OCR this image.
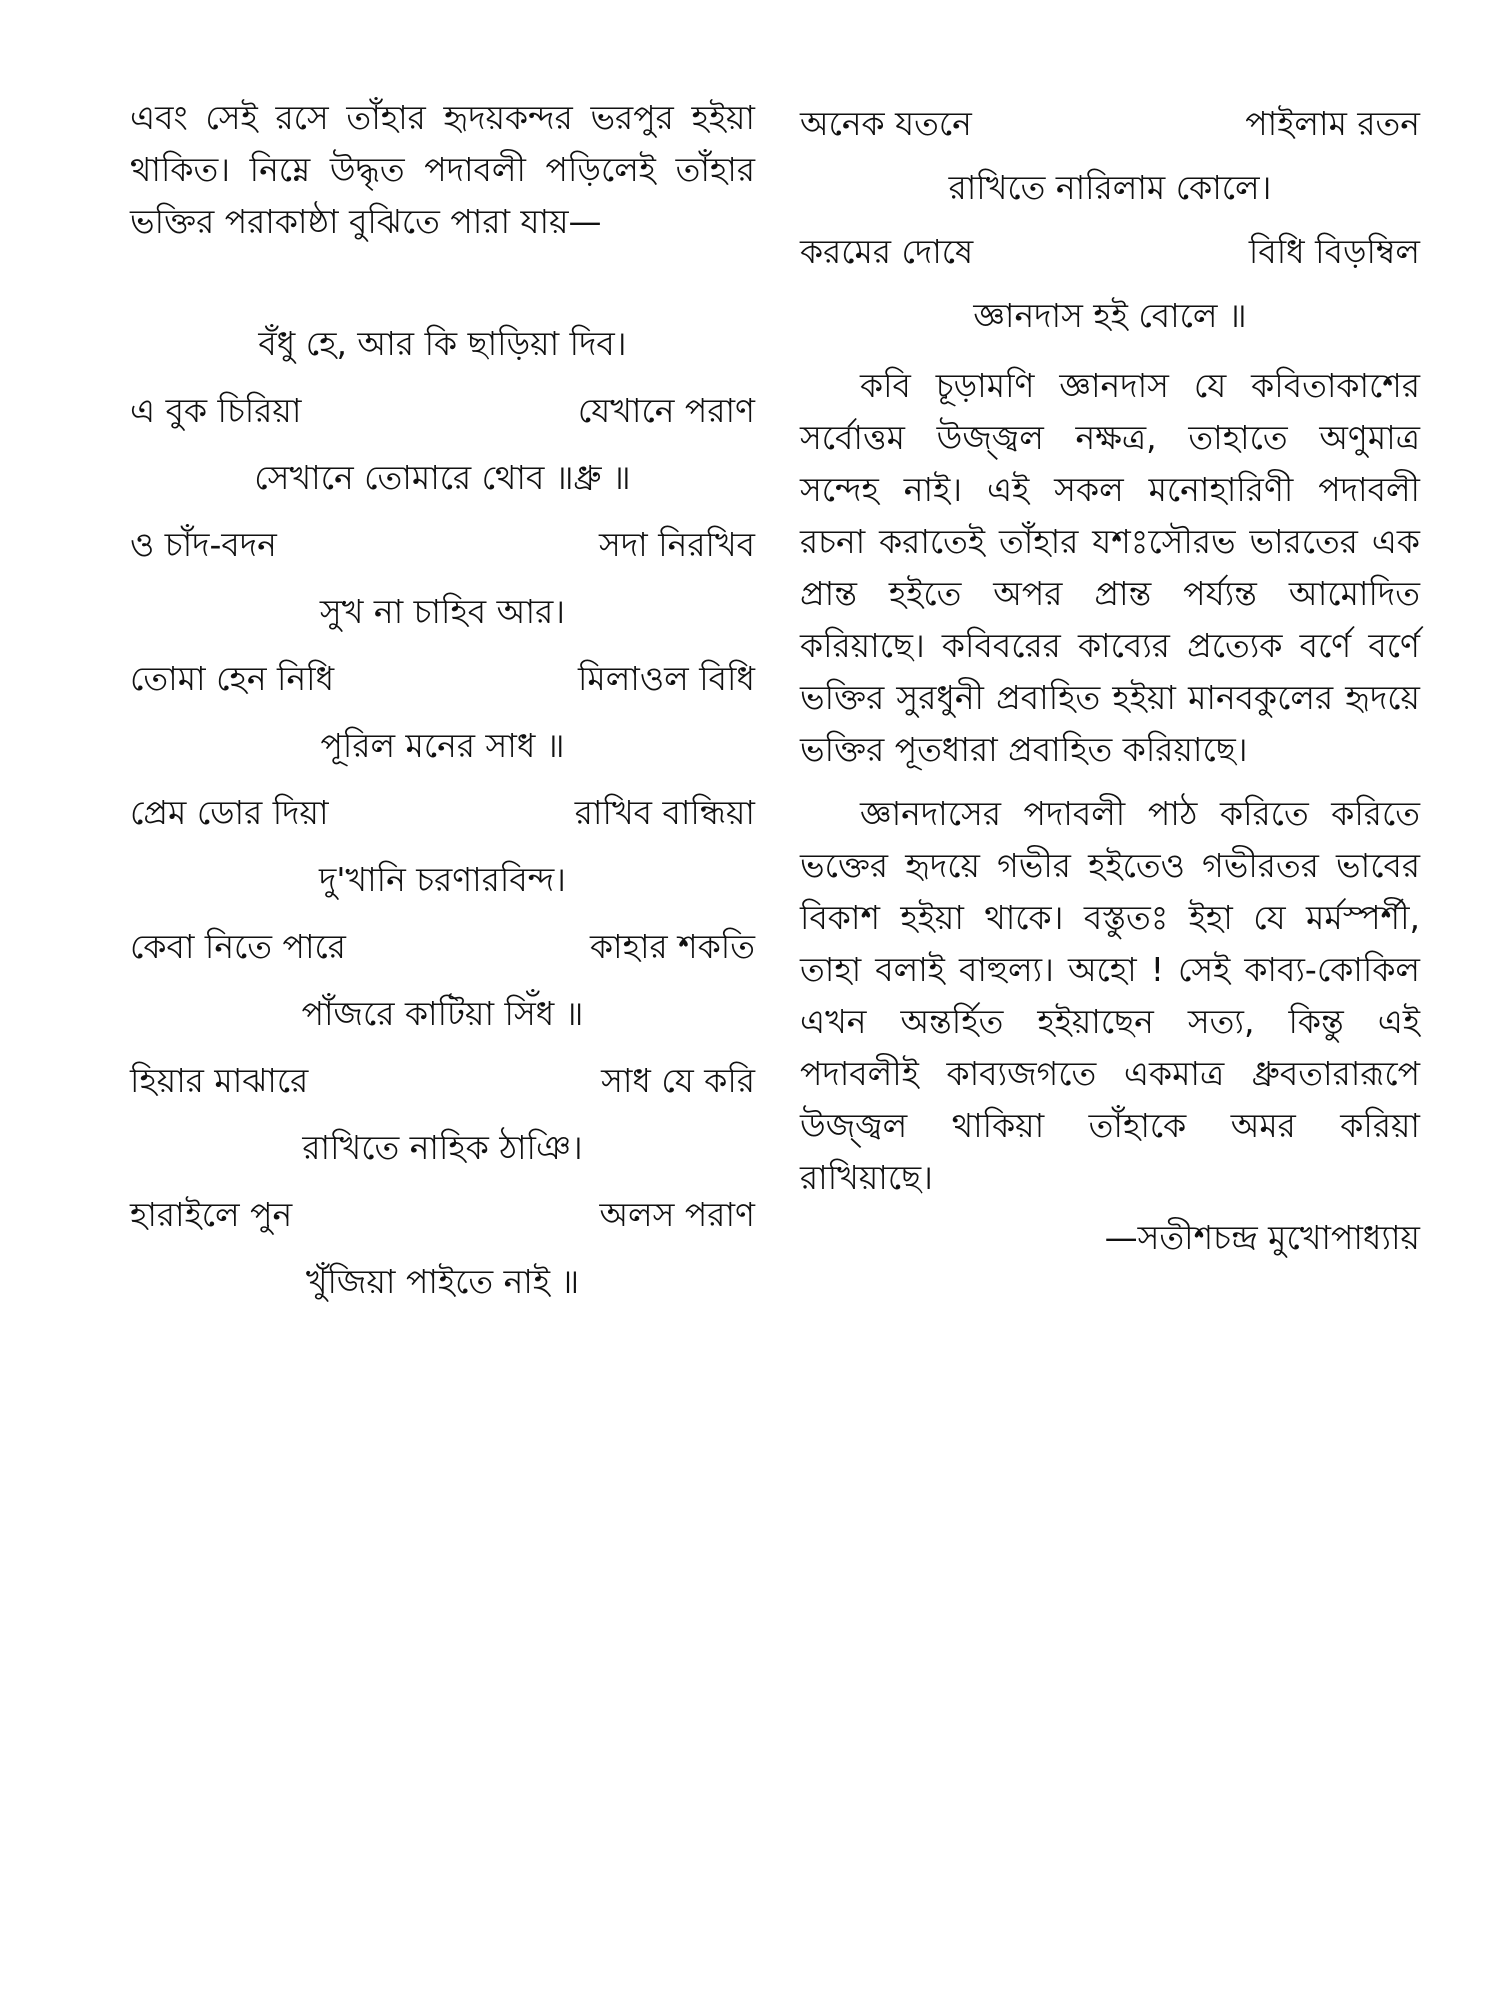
এবং সেই রসে তাঁহার হৃদয়কন্দর ভরপুর হইয়া থাকিত। নিম্নে উদ্ধৃত পদাবলী পড়িলেই তাঁহার ভক্তির পরাকাষ্ঠা বুঝিতে পারা যায়—

বঁধু হে, আর কি ছাড়িয়া দিব।
এ বুক চিরিয়া	যেখানে পরাণ
সেখানে তোমারে থোব ॥ধ্রু ॥
ও চাঁদ-বদন	সদা নিরখিব
সুখ না চাহিব আর।
তোমা হেন নিধি	মিলাওল বিধি
পূরিল মনের সাধ ॥
প্রেম ডোর দিয়া	রাখিব বান্ধিয়া
দু'খানি চরণারবিন্দ।
কেবা নিতে পারে	কাহার শকতি
পাঁজরে কাটিয়া সিঁধ ॥
হিয়ার মাঝারে	সাধ যে করি
রাখিতে নাহিক ঠাঞি।
হারাইলে পুন	অলস পরাণ
খুঁজিয়া পাইতে নাই ॥
অনেক যতনে	পাইলাম রতন
রাখিতে নারিলাম কোলে।
করমের দোষে	বিধি বিড়ম্বিল
জ্ঞানদাস হই বোলে ॥

কবি চূড়ামণি জ্ঞানদাস যে কবিতাকাশের সর্বোত্তম উজ্জ্বল নক্ষত্র, তাহাতে অণুমাত্র সন্দেহ নাই। এই সকল মনোহারিণী পদাবলী রচনা করাতেই তাঁহার যশঃসৌরভ ভারতের এক প্রান্ত হইতে অপর প্রান্ত পর্য্যন্ত আমোদিত করিয়াছে। কবিবরের কাব্যের প্রত্যেক বর্ণে বর্ণে ভক্তির সুরধুনী প্রবাহিত হইয়া মানবকুলের হৃদয়ে ভক্তির পূতধারা প্রবাহিত করিয়াছে।

জ্ঞানদাসের পদাবলী পাঠ করিতে করিতে ভক্তের হৃদয়ে গভীর হইতেও গভীরতর ভাবের বিকাশ হইয়া থাকে। বস্তুতঃ ইহা যে মর্মস্পর্শী, তাহা বলাই বাহুল্য। অহো ! সেই কাব্য-কোকিল এখন অন্তর্হিত হইয়াছেন সত্য, কিন্তু এই পদাবলীই কাব্যজগতে একমাত্র ধ্রুবতারারূপে উজ্জ্বল থাকিয়া তাঁহাকে অমর করিয়া রাখিয়াছে।

—সতীশচন্দ্র মুখোপাধ্যায়
